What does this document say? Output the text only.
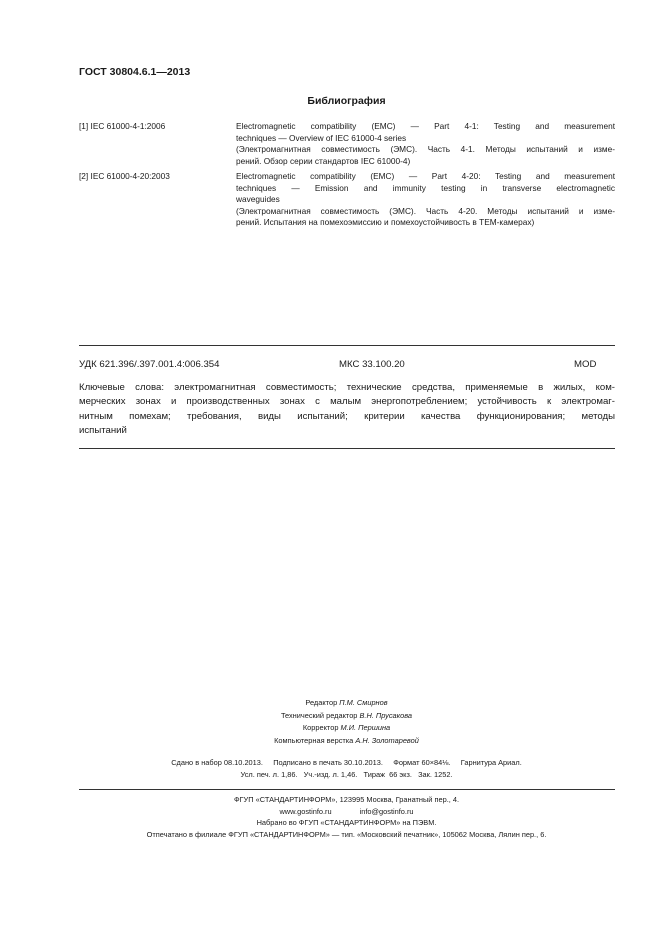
ГОСТ 30804.6.1—2013
Библиография
[1] IEC 61000-4-1:2006	Electromagnetic compatibility (EMC) — Part 4-1: Testing and measurement
techniques — Overview of IEC 61000-4 series
(Электромагнитная совместимость (ЭМС). Часть 4-1. Методы испытаний и изме-
рений. Обзор серии стандартов IEC 61000-4)
[2] IEC 61000-4-20:2003	Electromagnetic compatibility (EMC) — Part 4-20: Testing and measurement
techniques — Emission and immunity testing in transverse electromagnetic
waveguides
(Электромагнитная совместимость (ЭМС). Часть 4-20. Методы испытаний и изме-
рений. Испытания на помехоэмиссию и помехоустойчивость в ТЕМ-камерах)
УДК 621.396/.397.001.4:006.354	МКС 33.100.20	MOD
Ключевые слова: электромагнитная совместимость; технические средства, применяемые в жилых, ком-
мерческих зонах и производственных зонах с малым энергопотреблением; устойчивость к электромаг-
нитным помехам; требования, виды испытаний; критерии качества функционирования; методы
испытаний
Редактор П.М. Смирнов
Технический редактор В.Н. Прусакова
Корректор М.И. Першина
Компьютерная верстка А.Н. Золотаревой
Сдано в набор 08.10.2013.     Подписано в печать 30.10.2013.     Формат 60×84⅛.     Гарнитура Ариал.
Усл. печ. л. 1,86.   Уч.-изд. л. 1,46.   Тираж  66 экз.   Зак. 1252.
ФГУП «СТАНДАРТИНФОРМ», 123995 Москва, Гранатный пер., 4.
www.gostinfo.ru	info@gostinfo.ru
Набрано во ФГУП «СТАНДАРТИНФОРМ» на ПЭВМ.
Отпечатано в филиале ФГУП «СТАНДАРТИНФОРМ» — тип. «Московский печатник», 105062 Москва, Лялин пер., 6.
